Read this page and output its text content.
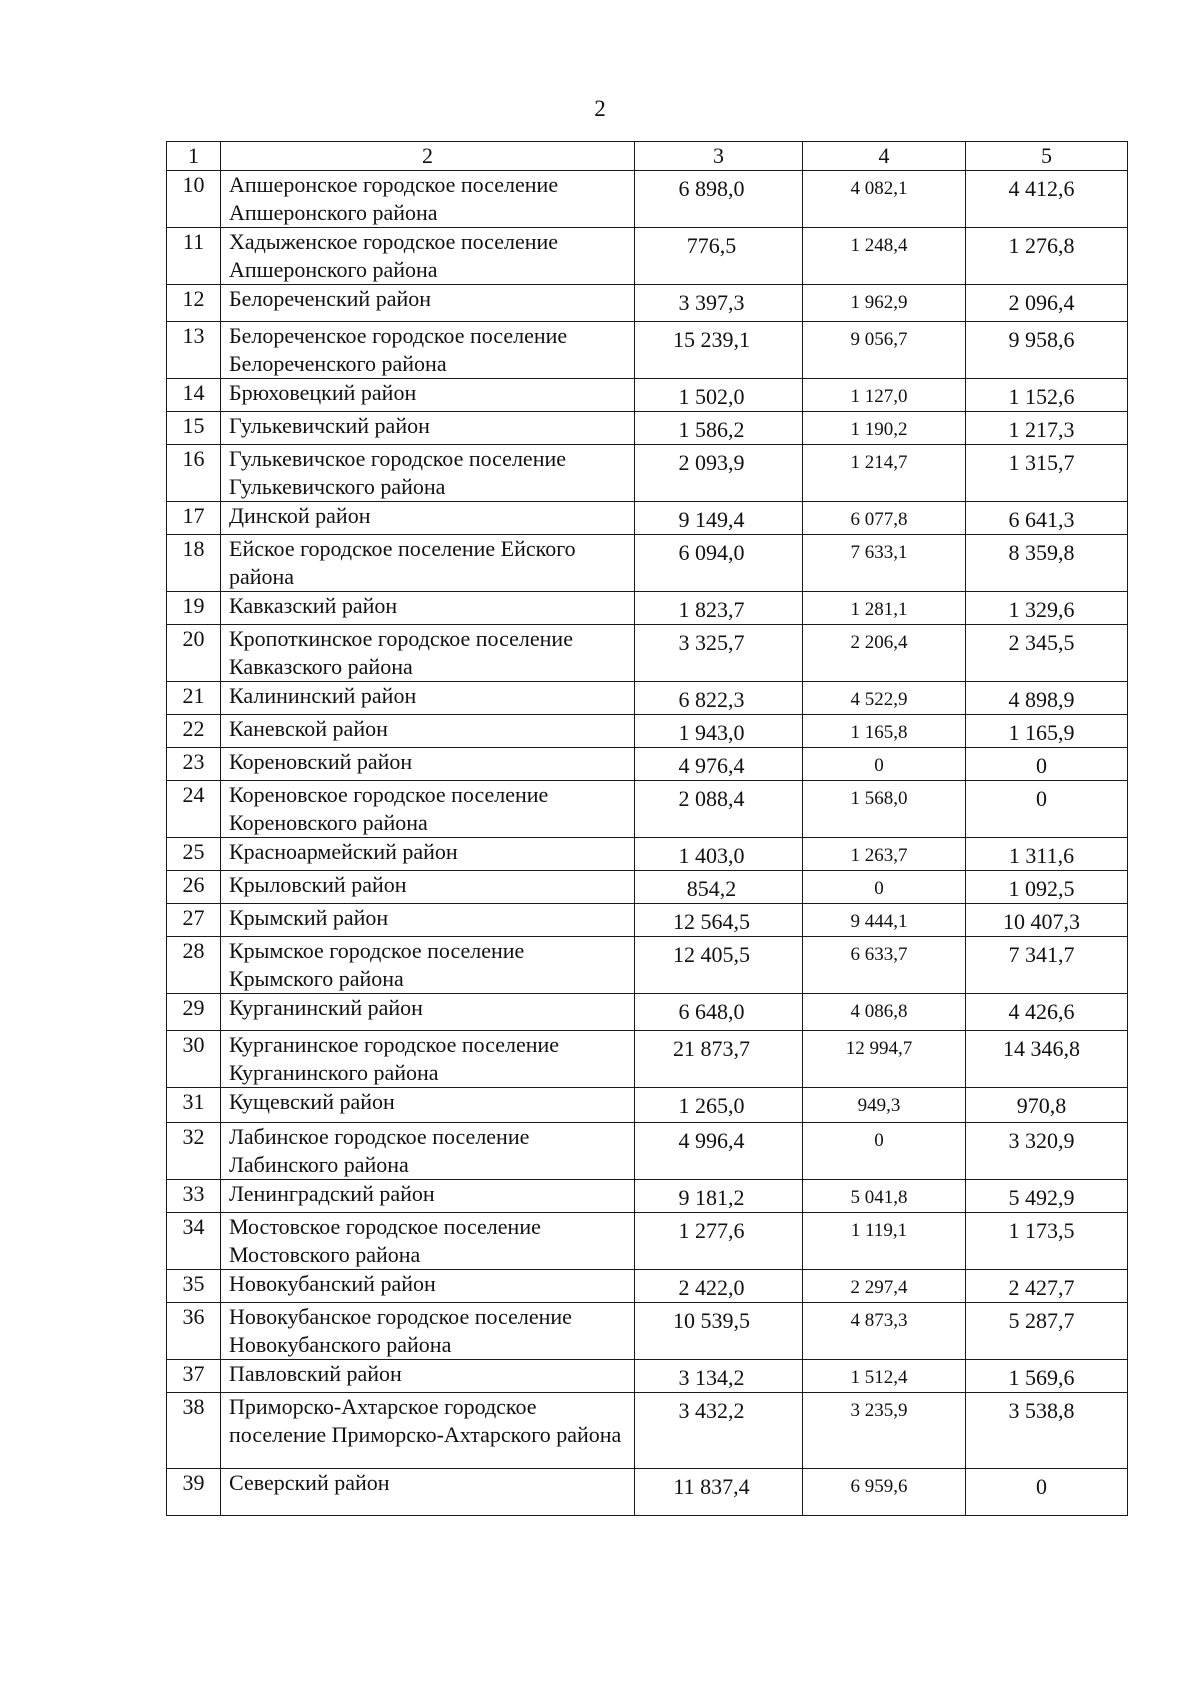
2
1	2	3	4	5

10	Апшеронское городское поселение Апшеронского района	6 898,0	4 082,1	4 412,6

11	Хадыженское городское поселение Апшеронского района	776,5	1 248,4	1 276,8

12	Белореченский район	3 397,3	1 962,9	2 096,4

13	Белореченское городское поселение Белореченского района	15 239,1	9 056,7	9 958,6

14	Брюховецкий район	1 502,0	1 127,0	1 152,6

15	Гулькевичский район	1 586,2	1 190,2	1 217,3

16	Гулькевичское городское поселение Гулькевичского района	2 093,9	1 214,7	1 315,7

17	Динской район	9 149,4	6 077,8	6 641,3

18	Ейское городское поселение Ейского района	6 094,0	7 633,1	8 359,8

19	Кавказский район	1 823,7	1 281,1	1 329,6

20	Кропоткинское городское поселение Кавказского района	3 325,7	2 206,4	2 345,5

21	Калининский район	6 822,3	4 522,9	4 898,9

22	Каневской район	1 943,0	1 165,8	1 165,9

23	Кореновский район	4 976,4	0	0

24	Кореновское городское поселение Кореновского района	2 088,4	1 568,0	0

25	Красноармейский район	1 403,0	1 263,7	1 311,6

26	Крыловский район	854,2	0	1 092,5

27	Крымский район	12 564,5	9 444,1	10 407,3

28	Крымское городское поселение Крымского района	12 405,5	6 633,7	7 341,7

29	Курганинский район	6 648,0	4 086,8	4 426,6

30	Курганинское городское поселение Курганинского района	21 873,7	12 994,7	14 346,8

31	Кущевский район	1 265,0	949,3	970,8

32	Лабинское городское поселение Лабинского района	4 996,4	0	3 320,9

33	Ленинградский район	9 181,2	5 041,8	5 492,9

34	Мостовское городское поселение Мостовского района	1 277,6	1 119,1	1 173,5

35	Новокубанский район	2 422,0	2 297,4	2 427,7

36	Новокубанское городское поселение Новокубанского района	10 539,5	4 873,3	5 287,7

37	Павловский район	3 134,2	1 512,4	1 569,6

38	Приморско-Ахтарское городское поселение Приморско-Ахтарского района	3 432,2	3 235,9	3 538,8

39	Северский район	11 837,4	6 959,6	0
